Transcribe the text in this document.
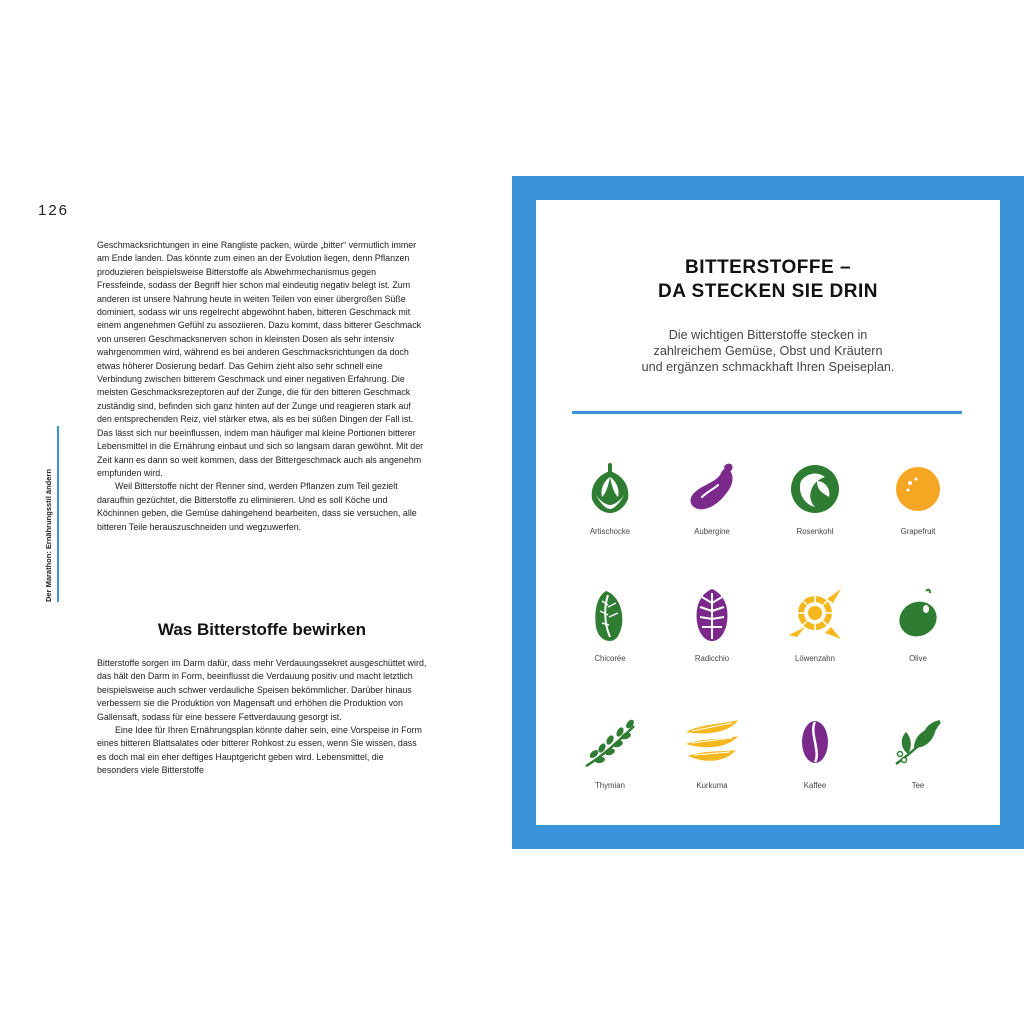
126
Der Marathon: Ernährungsstil ändern

Geschmacksrichtungen in eine Rangliste packen, würde „bitter“ vermutlich immer am Ende landen. Das könnte zum einen an der Evolution liegen, denn Pflanzen produzieren beispielsweise Bitterstoffe als Abwehrmechanismus gegen Fressfeinde, sodass der Begriff hier schon mal eindeutig negativ belegt ist. Zum anderen ist unsere Nahrung heute in weiten Teilen von einer übergroßen Süße dominiert, sodass wir uns regelrecht abgewöhnt haben, bitteren Geschmack mit einem angenehmen Gefühl zu assoziieren. Dazu kommt, dass bitterer Geschmack von unseren Geschmacksnerven schon in kleinsten Dosen als sehr intensiv wahrgenommen wird, während es bei anderen Geschmacksrichtungen da doch etwas höherer Dosierung bedarf. Das Gehirn zieht also sehr schnell eine Verbindung zwischen bitterem Geschmack und einer negativen Erfahrung. Die meisten Geschmacksrezeptoren auf der Zunge, die für den bitteren Geschmack zuständig sind, befinden sich ganz hinten auf der Zunge und reagieren stark auf den entsprechenden Reiz, viel stärker etwa, als es bei süßen Dingen der Fall ist. Das lässt sich nur beeinflussen, indem man häufiger mal kleine Portionen bitterer Lebensmittel in die Ernährung einbaut und sich so langsam daran gewöhnt. Mit der Zeit kann es dann so weit kommen, dass der Bittergeschmack auch als angenehm empfunden wird.

Weil Bitterstoffe nicht der Renner sind, werden Pflanzen zum Teil gezielt daraufhin gezüchtet, die Bitterstoffe zu eliminieren. Und es soll Köche und Köchinnen geben, die Gemüse dahingehend bearbeiten, dass sie versuchen, alle bitteren Teile herauszuschneiden und wegzuwerfen.

Was Bitterstoffe bewirken

Bitterstoffe sorgen im Darm dafür, dass mehr Verdauungssekret ausgeschüttet wird, das hält den Darm in Form, beeinflusst die Verdauung positiv und macht letztlich beispielsweise auch schwer verdauliche Speisen bekömmlicher. Darüber hinaus verbessern sie die Produktion von Magensaft und erhöhen die Produktion von Gallensaft, sodass für eine bessere Fettverdauung gesorgt ist.

Eine Idee für Ihren Ernährungsplan könnte daher sein, eine Vorspeise in Form eines bitteren Blattsalates oder bitterer Rohkost zu essen, wenn Sie wissen, dass es doch mal ein eher deftiges Hauptgericht geben wird. Lebensmittel, die besonders viele Bitterstoffe

BITTERSTOFFE –
DA STECKEN SIE DRIN
Die wichtigen Bitterstoffe stecken in
zahlreichem Gemüse, Obst und Kräutern
und ergänzen schmackhaft Ihren Speiseplan.
Artischocke	Aubergine	Rosenkohl	Grapefruit
Chicorée	Radicchio	Löwenzahn	Olive
Thymian	Kurkuma	Kaffee	Tee
